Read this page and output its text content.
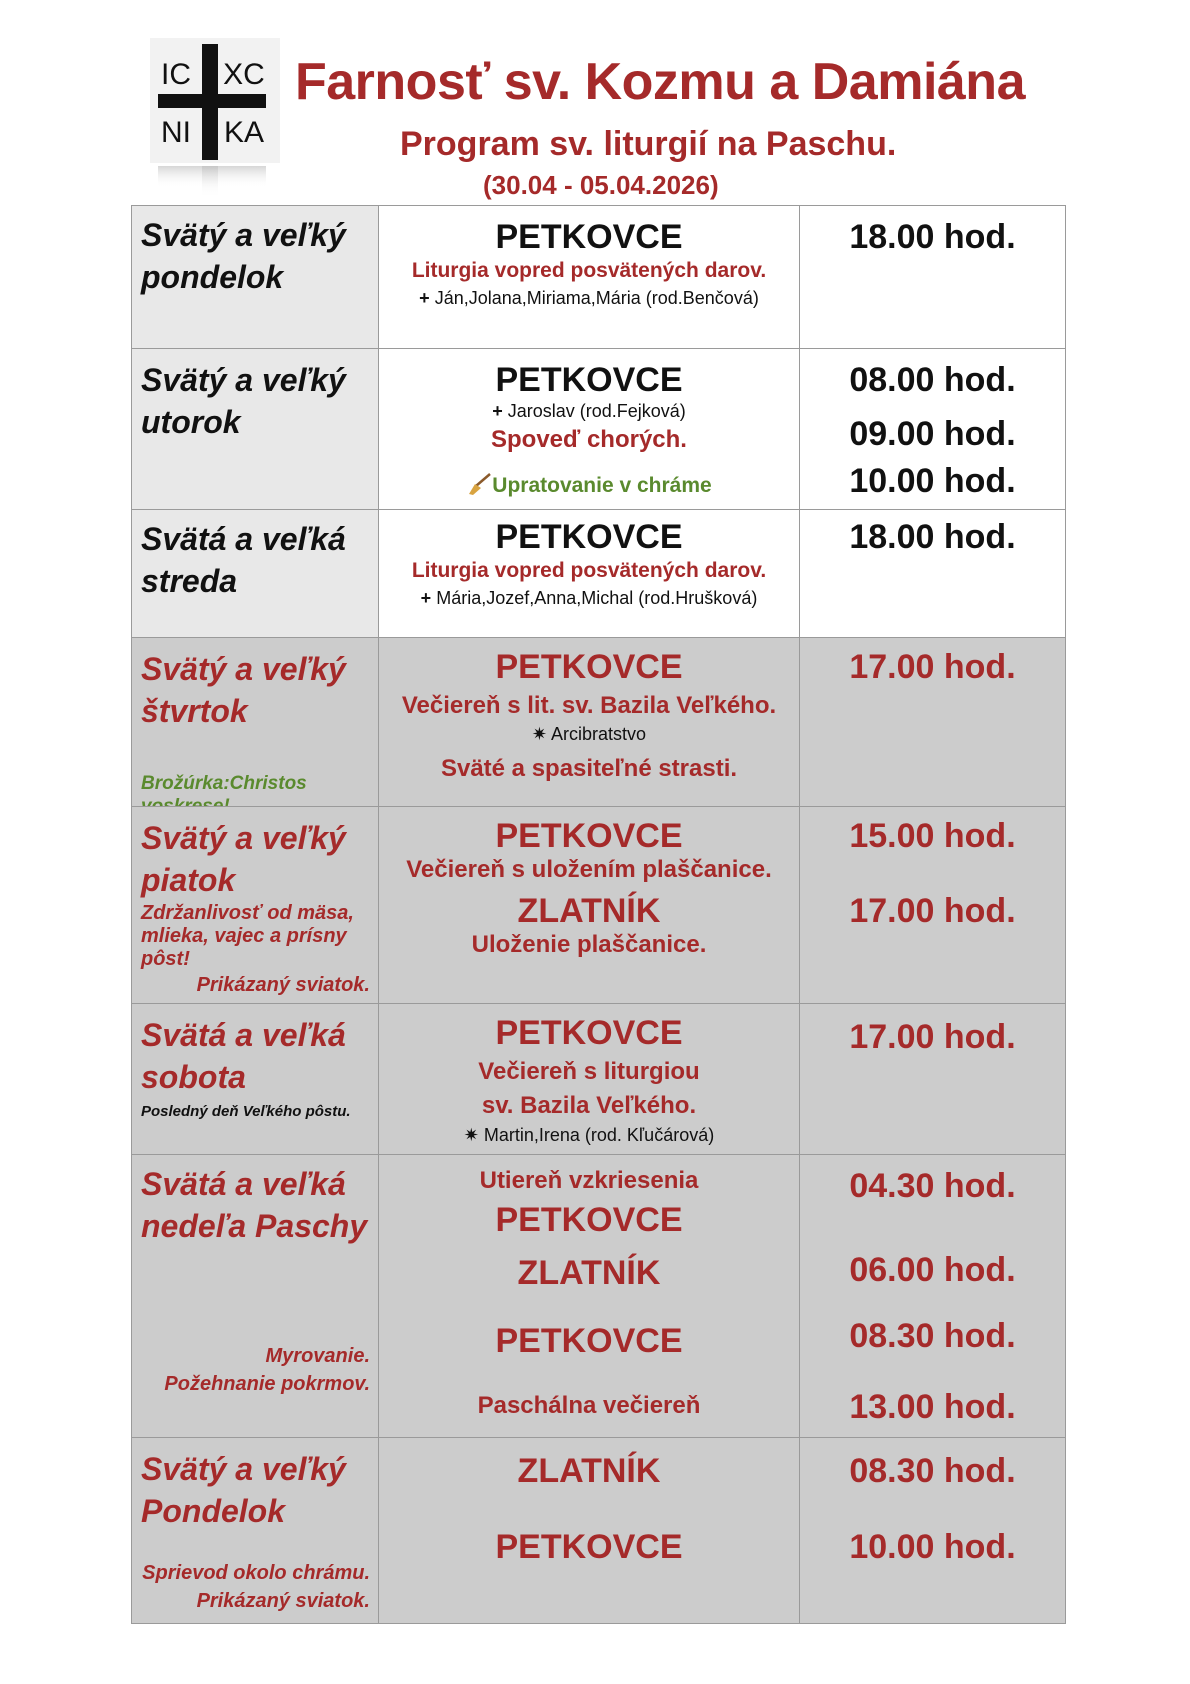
IC XC
NI KA
Farnosť sv. Kozmu a Damiána
Program sv. liturgií na Paschu.
(30.04 - 05.04.2026)
Svätý a veľký
pondelok
PETKOVCE
Liturgia vopred posvätených darov.
+ Ján,Jolana,Miriama,Mária (rod.Benčová)
18.00 hod.
Svätý a veľký
utorok
PETKOVCE
+ Jaroslav (rod.Fejková)
Spoveď chorých.
Upratovanie v chráme
08.00 hod.
09.00 hod.
10.00 hod.
Svätá a veľká
streda
PETKOVCE
Liturgia vopred posvätených darov.
+ Mária,Jozef,Anna,Michal (rod.Hrušková)
18.00 hod.
Svätý a veľký
štvrtok
Brožúrka:Christos
PETKOVCE
Večiereň s lit. sv. Bazila Veľkého.
✷ Arcibratstvo
Sväté a spasiteľné strasti.
17.00 hod.
Svätý a veľký
piatok
Zdržanlivosť od mäsa,
mlieka, vajec a prísny
pôst!
Prikázaný sviatok.
PETKOVCE
Večiereň s uložením plaščanice.
ZLATNÍK
Uloženie plaščanice.
15.00 hod.
17.00 hod.
Svätá a veľká
sobota
Posledný deň Veľkého pôstu.
PETKOVCE
Večiereň s liturgiou
sv. Bazila Veľkého.
✷ Martin,Irena (rod. Kľučárová)
17.00 hod.
Svätá a veľká
nedeľa Paschy
Myrovanie.
Požehnanie pokrmov.
Utiereň vzkriesenia
PETKOVCE
ZLATNÍK
PETKOVCE
Paschálna večiereň
04.30 hod.
06.00 hod.
08.30 hod.
13.00 hod.
Svätý a veľký
Pondelok
Sprievod okolo chrámu.
Prikázaný sviatok.
ZLATNÍK
PETKOVCE
08.30 hod.
10.00 hod.
